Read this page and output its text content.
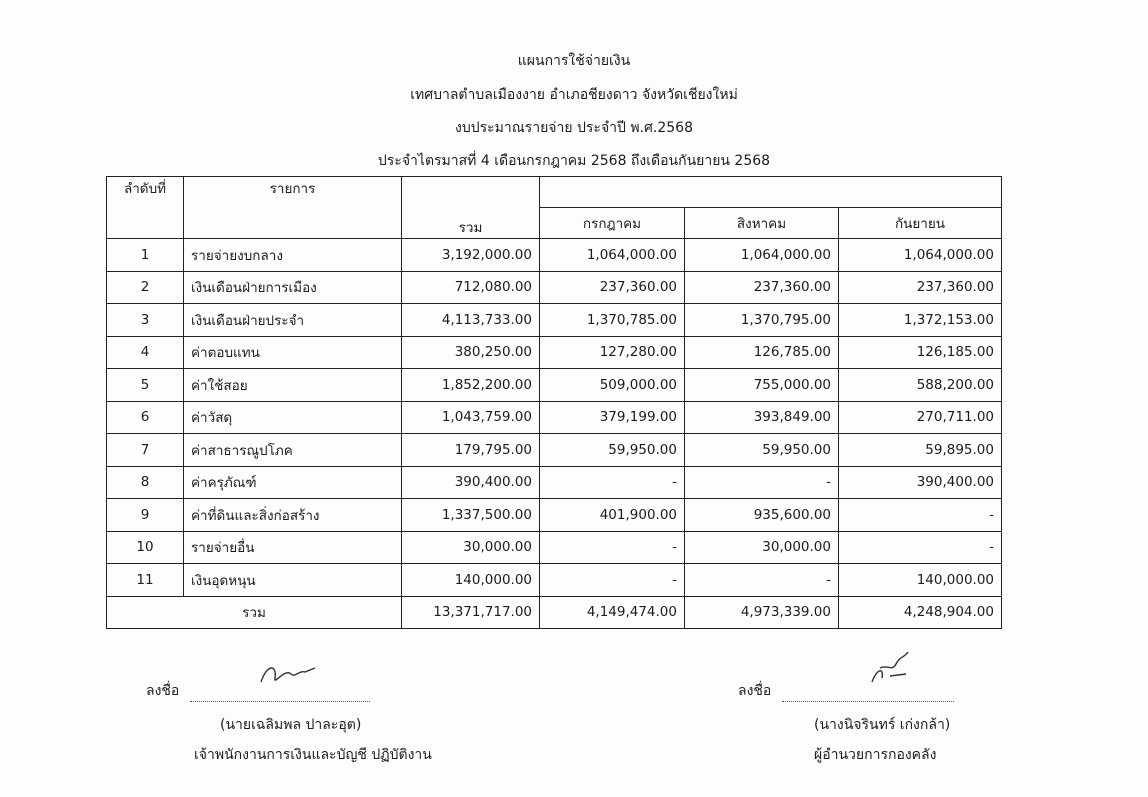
แผนการใช้จ่ายเงิน
เทศบาลตำบลเมืองงาย อำเภอชียงดาว จังหวัดเชียงใหม่
งบประมาณรายจ่าย ประจำปี พ.ศ.2568
ประจำไตรมาสที่ 4 เดือนกรกฎาคม 2568 ถึงเดือนกันยายน 2568
ลำดับที่	รายการ	รวม			
			กรกฎาคม	สิงหาคม	กันยายน
1	รายจ่ายงบกลาง	3,192,000.00	1,064,000.00	1,064,000.00	1,064,000.00
2	เงินเดือนฝ่ายการเมือง	712,080.00	237,360.00	237,360.00	237,360.00
3	เงินเดือนฝ่ายประจำ	4,113,733.00	1,370,785.00	1,370,795.00	1,372,153.00
4	ค่าตอบแทน	380,250.00	127,280.00	126,785.00	126,185.00
5	ค่าใช้สอย	1,852,200.00	509,000.00	755,000.00	588,200.00
6	ค่าวัสดุ	1,043,759.00	379,199.00	393,849.00	270,711.00
7	ค่าสาธารณูปโภค	179,795.00	59,950.00	59,950.00	59,895.00
8	ค่าครุภัณฑ์	390,400.00	-	-	390,400.00
9	ค่าที่ดินและสิ่งก่อสร้าง	1,337,500.00	401,900.00	935,600.00	-
10	รายจ่ายอื่น	30,000.00	-	30,000.00	-
11	เงินอุดหนุน	140,000.00	-	-	140,000.00
รวม		13,371,717.00	4,149,474.00	4,973,339.00	4,248,904.00
ลงชื่อ
(นายเฉลิมพล ปาละอุต)
เจ้าพนักงานการเงินและบัญชี ปฏิบัติงาน
ลงชื่อ
(นางนิจรินทร์ เก่งกล้า)
ผู้อำนวยการกองคลัง
